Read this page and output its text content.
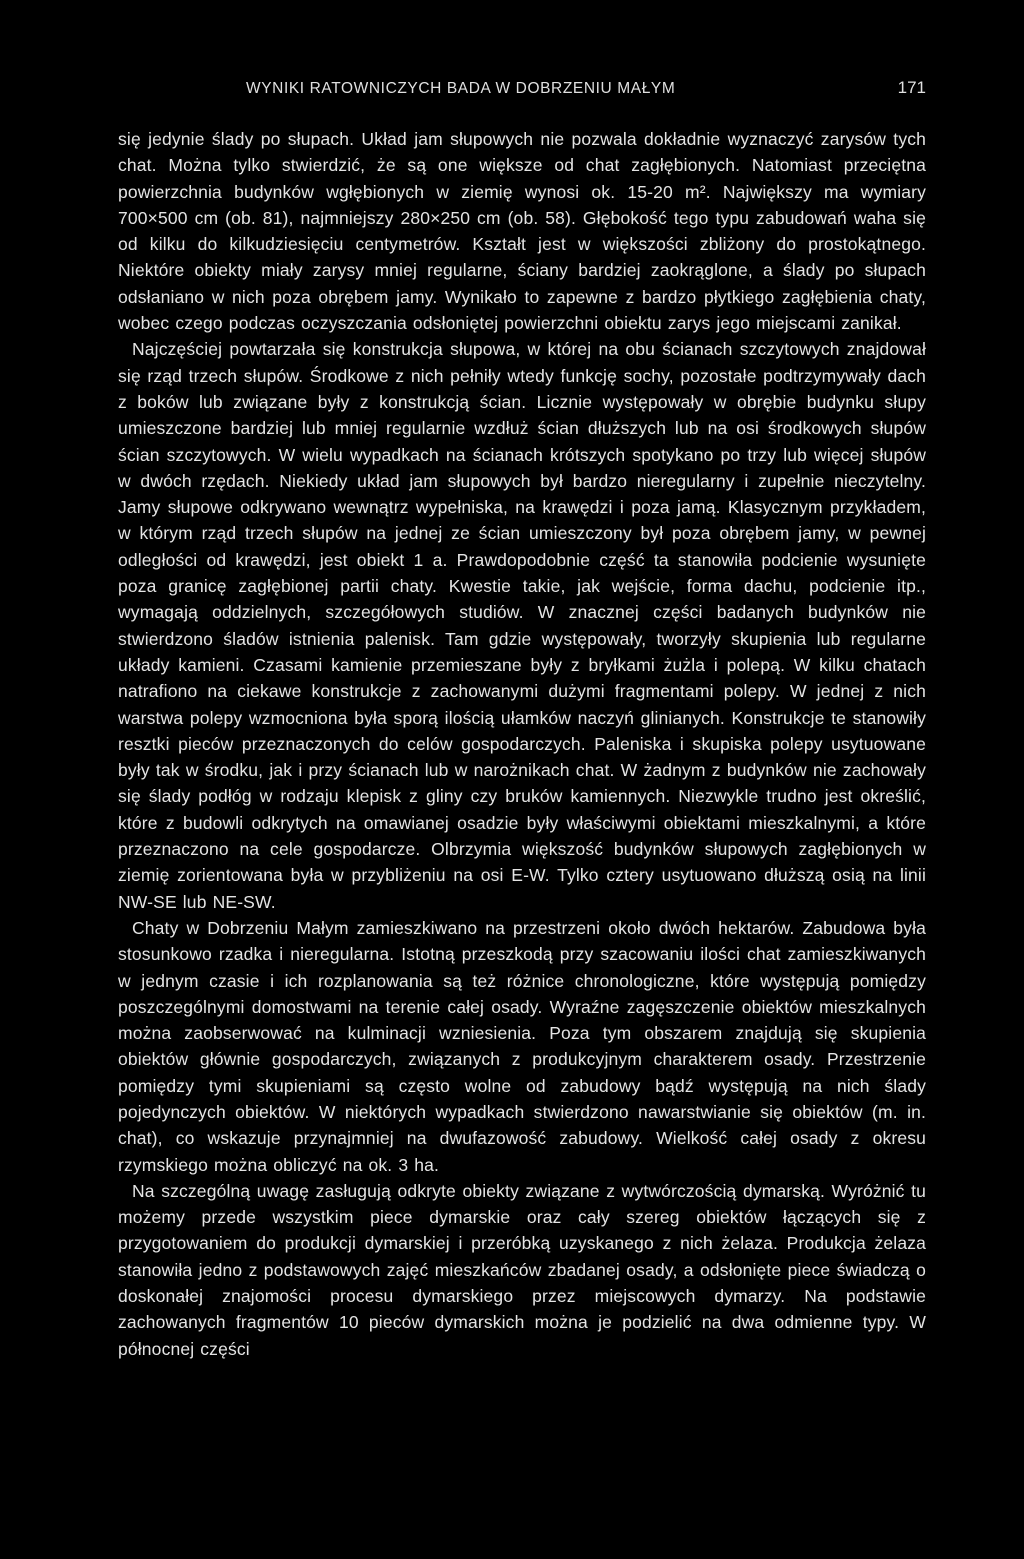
WYNIKI RATOWNICZYCH BADA W DOBRZENIU MAŁYM	171

się jedynie ślady po słupach. Układ jam słupowych nie pozwala dokładnie wyznaczyć zarysów tych chat. Można tylko stwierdzić, że są one większe od chat zagłębionych. Natomiast przeciętna powierzchnia budynków wgłębionych w ziemię wynosi ok. 15-20 m². Największy ma wymiary 700×500 cm (ob. 81), najmniejszy 280×250 cm (ob. 58). Głębokość tego typu zabudowań waha się od kilku do kilkudziesięciu centymetrów. Kształt jest w większości zbliżony do prostokątnego. Niektóre obiekty miały zarysy mniej regularne, ściany bardziej zaokrąglone, a ślady po słupach odsłaniano w nich poza obrębem jamy. Wynikało to zapewne z bardzo płytkiego zagłębienia chaty, wobec czego podczas oczyszczania odsłoniętej powierzchni obiektu zarys jego miejscami zanikał.

Najczęściej powtarzała się konstrukcja słupowa, w której na obu ścianach szczytowych znajdował się rząd trzech słupów. Środkowe z nich pełniły wtedy funkcję sochy, pozostałe podtrzymywały dach z boków lub związane były z konstrukcją ścian. Licznie występowały w obrębie budynku słupy umieszczone bardziej lub mniej regularnie wzdłuż ścian dłuższych lub na osi środkowych słupów ścian szczytowych. W wielu wypadkach na ścianach krótszych spotykano po trzy lub więcej słupów w dwóch rzędach. Niekiedy układ jam słupowych był bardzo nieregularny i zupełnie nieczytelny. Jamy słupowe odkrywano wewnątrz wypełniska, na krawędzi i poza jamą. Klasycznym przykładem, w którym rząd trzech słupów na jednej ze ścian umieszczony był poza obrębem jamy, w pewnej odległości od krawędzi, jest obiekt 1 a. Prawdopodobnie część ta stanowiła podcienie wysunięte poza granicę zagłębionej partii chaty. Kwestie takie, jak wejście, forma dachu, podcienie itp., wymagają oddzielnych, szczegółowych studiów. W znacznej części badanych budynków nie stwierdzono śladów istnienia palenisk. Tam gdzie występowały, tworzyły skupienia lub regularne układy kamieni. Czasami kamienie przemieszane były z bryłkami żużla i polepą. W kilku chatach natrafiono na ciekawe konstrukcje z zachowanymi dużymi fragmentami polepy. W jednej z nich warstwa polepy wzmocniona była sporą ilością ułamków naczyń glinianych. Konstrukcje te stanowiły resztki pieców przeznaczonych do celów gospodarczych. Paleniska i skupiska polepy usytuowane były tak w środku, jak i przy ścianach lub w narożnikach chat. W żadnym z budynków nie zachowały się ślady podłóg w rodzaju klepisk z gliny czy bruków kamiennych. Niezwykle trudno jest określić, które z budowli odkrytych na omawianej osadzie były właściwymi obiektami mieszkalnymi, a które przeznaczono na cele gospodarcze. Olbrzymia większość budynków słupowych zagłębionych w ziemię zorientowana była w przybliżeniu na osi E-W. Tylko cztery usytuowano dłuższą osią na linii NW-SE lub NE-SW.

Chaty w Dobrzeniu Małym zamieszkiwano na przestrzeni około dwóch hektarów. Zabudowa była stosunkowo rzadka i nieregularna. Istotną przeszkodą przy szacowaniu ilości chat zamieszkiwanych w jednym czasie i ich rozplanowania są też różnice chronologiczne, które występują pomiędzy poszczególnymi domostwami na terenie całej osady. Wyraźne zagęszczenie obiektów mieszkalnych można zaobserwować na kulminacji wzniesienia. Poza tym obszarem znajdują się skupienia obiektów głównie gospodarczych, związanych z produkcyjnym charakterem osady. Przestrzenie pomiędzy tymi skupieniami są często wolne od zabudowy bądź występują na nich ślady pojedynczych obiektów. W niektórych wypadkach stwierdzono nawarstwianie się obiektów (m. in. chat), co wskazuje przynajmniej na dwufazowość zabudowy. Wielkość całej osady z okresu rzymskiego można obliczyć na ok. 3 ha.

Na szczególną uwagę zasługują odkryte obiekty związane z wytwórczością dymarską. Wyróżnić tu możemy przede wszystkim piece dymarskie oraz cały szereg obiektów łączących się z przygotowaniem do produkcji dymarskiej i przeróbką uzyskanego z nich żelaza. Produkcja żelaza stanowiła jedno z podstawowych zajęć mieszkańców zbadanej osady, a odsłonięte piece świadczą o doskonałej znajomości procesu dymarskiego przez miejscowych dymarzy. Na podstawie zachowanych fragmentów 10 pieców dymarskich można je podzielić na dwa odmienne typy. W północnej części
